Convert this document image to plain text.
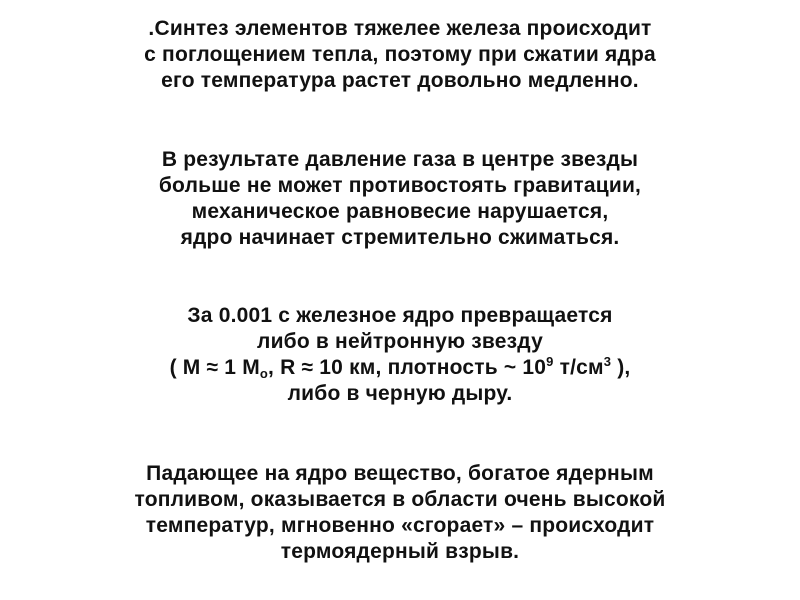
.Синтез элементов тяжелее железа происходит
с поглощением тепла, поэтому при сжатии ядра
его температура растет довольно медленно.
В результате давление газа в центре звезды
больше не может противостоять гравитации,
механическое равновесие нарушается,
ядро начинает стремительно сжиматься.
За 0.001 с железное ядро превращается
либо в нейтронную звезду
( M ≈ 1 $M_o$, R ≈ 10 км, плотность ~ $10^9$ $т/см^3$ ),
либо в черную дыру.
Падающее на ядро вещество, богатое ядерным
топливом, оказывается в области очень высокой
температур, мгновенно «сгорает» – происходит
термоядерный взрыв.
